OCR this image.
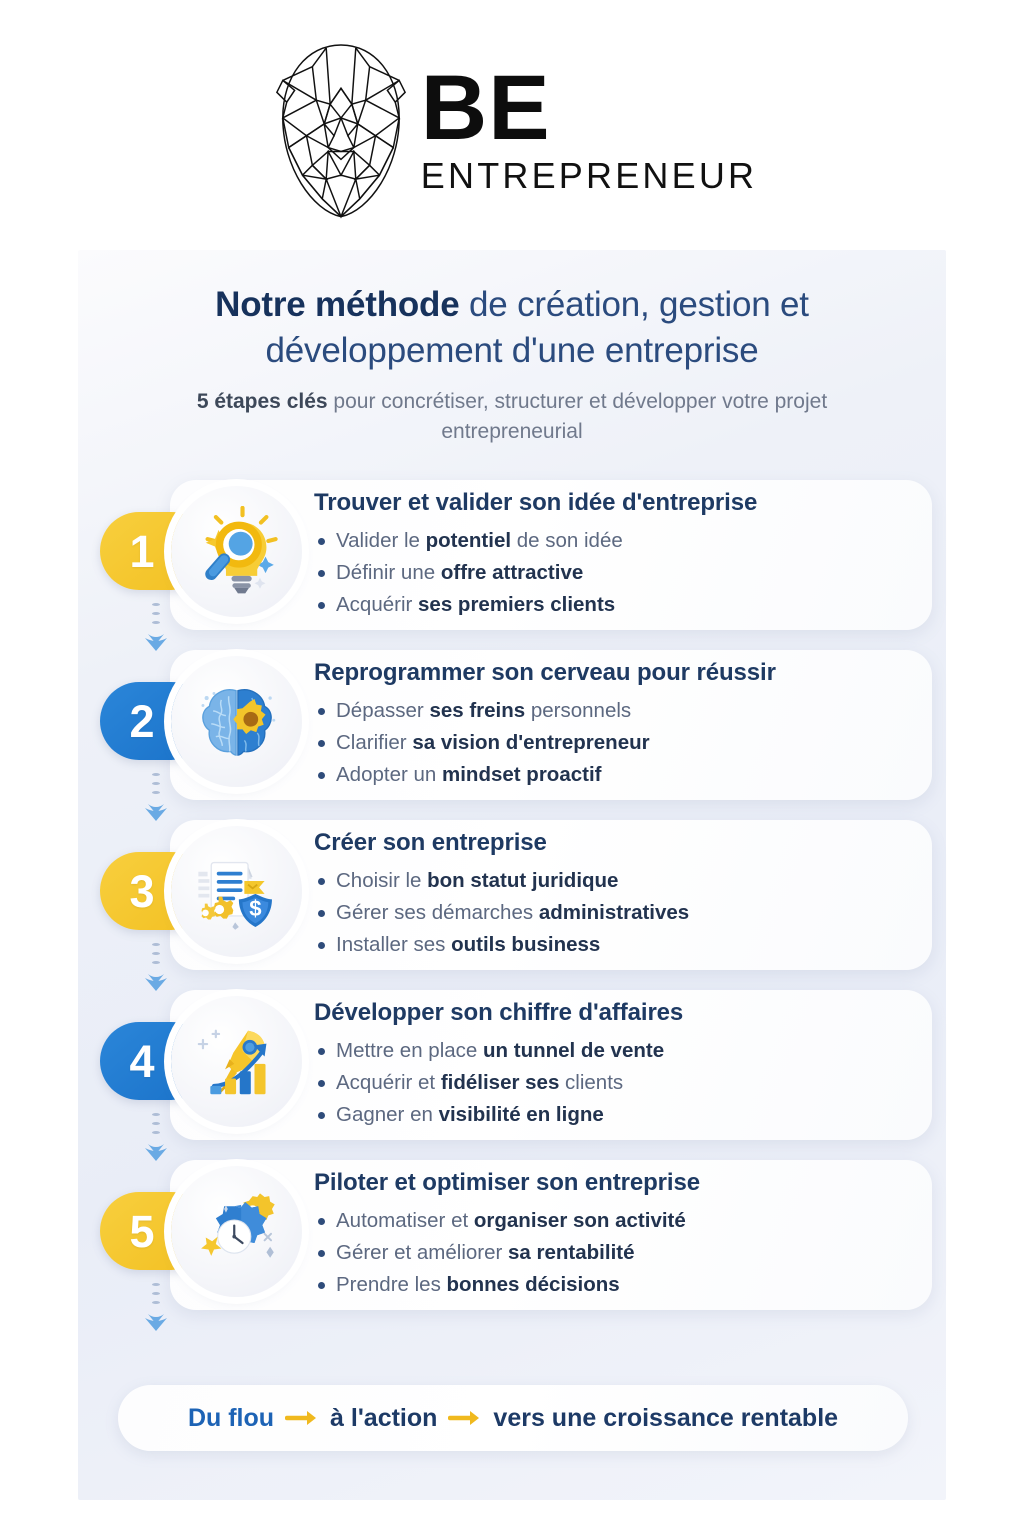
BE
ENTREPRENEUR
Notre méthode de création, gestion et développement d'une entreprise
5 étapes clés pour concrétiser, structurer et développer votre projet entrepreneurial
1
Trouver et valider son idée d'entreprise
Valider le potentiel de son idée
Définir une offre attractive
Acquérir ses premiers clients
2
Reprogrammer son cerveau pour réussir
Dépasser ses freins personnels
Clarifier sa vision d'entrepreneur
Adopter un mindset proactif
3	$
Créer son entreprise
Choisir le bon statut juridique
Gérer ses démarches administratives
Installer ses outils business
4
Développer son chiffre d'affaires
Mettre en place un tunnel de vente
Acquérir et fidéliser ses clients
Gagner en visibilité en ligne
5
Piloter et optimiser son entreprise
Automatiser et organiser son activité
Gérer et améliorer sa rentabilité
Prendre les bonnes décisions
Du flou à l'action vers une croissance rentable
